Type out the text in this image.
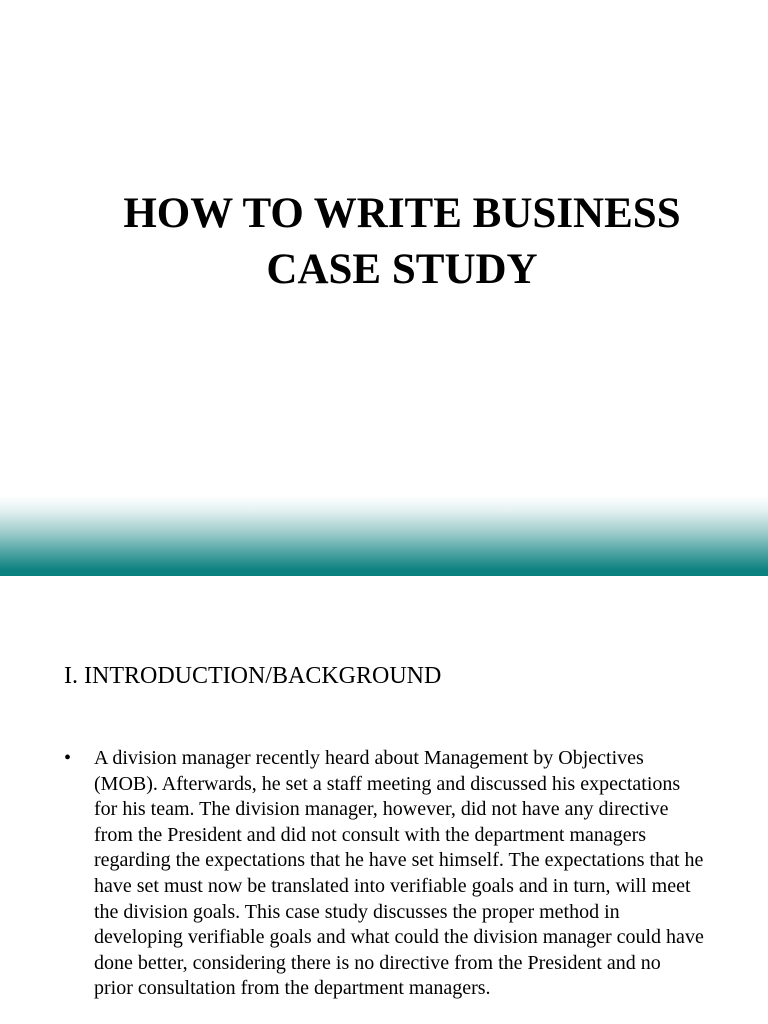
HOW TO WRITE BUSINESS
CASE STUDY
I. INTRODUCTION/BACKGROUND
• A division manager recently heard about Management by Objectives (MOB). Afterwards, he set a staff meeting and discussed his expectations for his team. The division manager, however, did not have any directive from the President and did not consult with the department managers regarding the expectations that he have set himself. The expectations that he have set must now be translated into verifiable goals and in turn, will meet the division goals. This case study discusses the proper method in developing verifiable goals and what could the division manager could have done better, considering there is no directive from the President and no prior consultation from the department managers.
